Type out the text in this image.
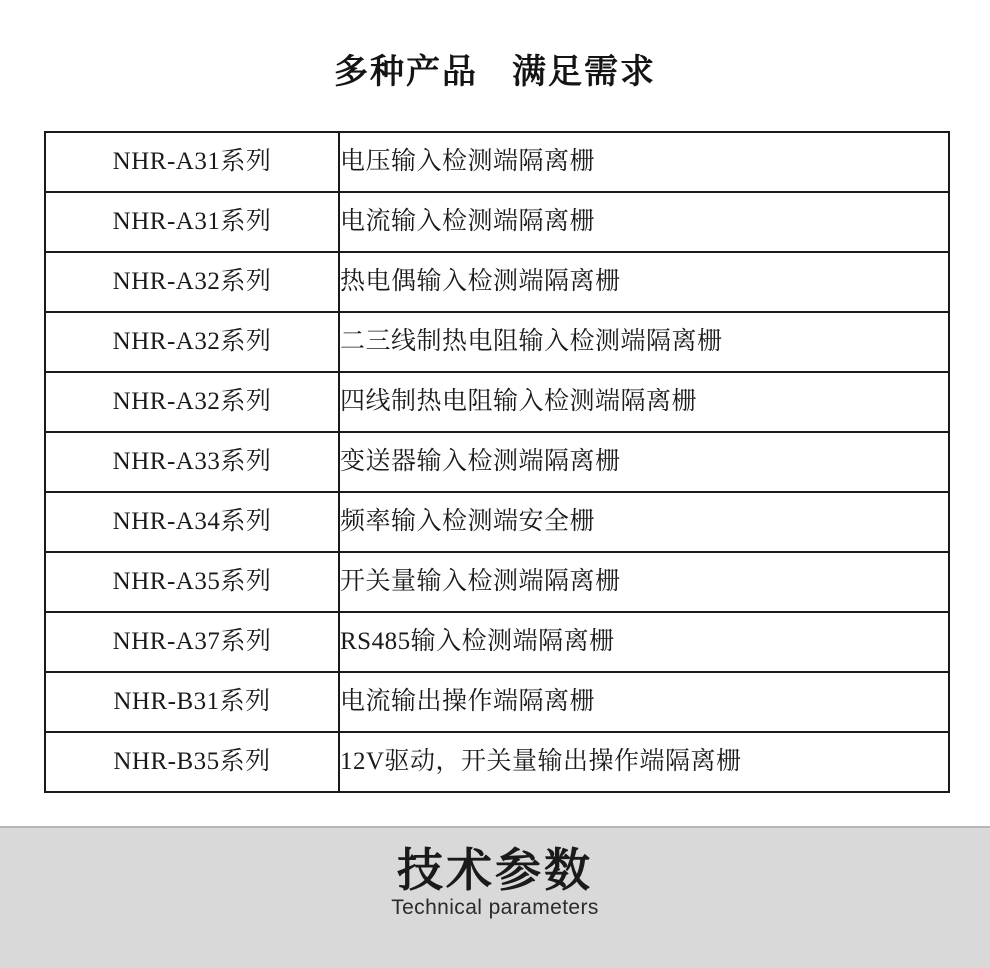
多种产品 满足需求
NHR-A31系列	电压输入检测端隔离栅
NHR-A31系列	电流输入检测端隔离栅
NHR-A32系列	热电偶输入检测端隔离栅
NHR-A32系列	二三线制热电阻输入检测端隔离栅
NHR-A32系列	四线制热电阻输入检测端隔离栅
NHR-A33系列	变送器输入检测端隔离栅
NHR-A34系列	频率输入检测端安全栅
NHR-A35系列	开关量输入检测端隔离栅
NHR-A37系列	RS485输入检测端隔离栅
NHR-B31系列	电流输出操作端隔离栅
NHR-B35系列	12V驱动，开关量输出操作端隔离栅
技术参数
Technical parameters
